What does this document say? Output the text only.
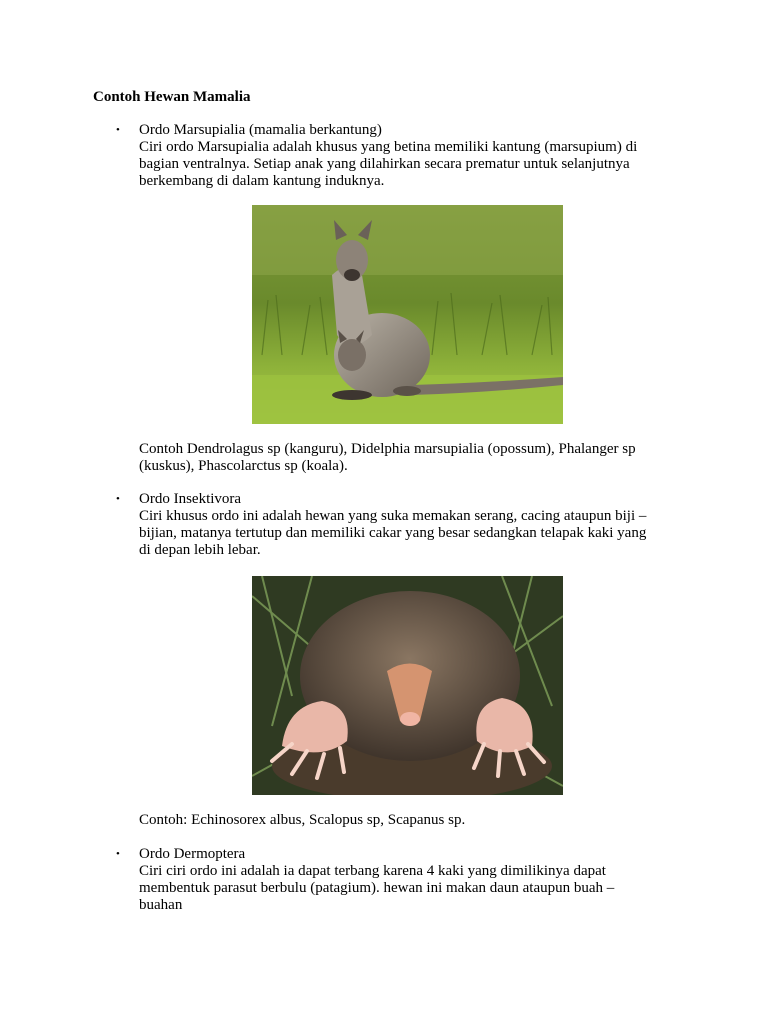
Contoh Hewan Mamalia
• Ordo Marsupialia (mamalia berkantung)

Ciri ordo Marsupialia adalah khusus yang betina memiliki kantung (marsupium) di

bagian ventralnya. Setiap anak yang dilahirkan secara prematur untuk selanjutnya

berkembang di dalam kantung induknya.

Contoh Dendrolagus sp (kanguru), Didelphia marsupialia (opossum), Phalanger sp

(kuskus), Phascolarctus sp (koala).

• Ordo Insektivora

Ciri khusus ordo ini adalah hewan yang suka memakan serang, cacing ataupun biji –

bijian, matanya tertutup dan memiliki cakar yang besar sedangkan telapak kaki yang

di depan lebih lebar.

Contoh: Echinosorex albus, Scalopus sp, Scapanus sp.

• Ordo Dermoptera

Ciri ciri ordo ini adalah ia dapat terbang karena 4 kaki yang dimilikinya dapat

membentuk parasut berbulu (patagium). hewan ini makan daun ataupun buah –

buahan
